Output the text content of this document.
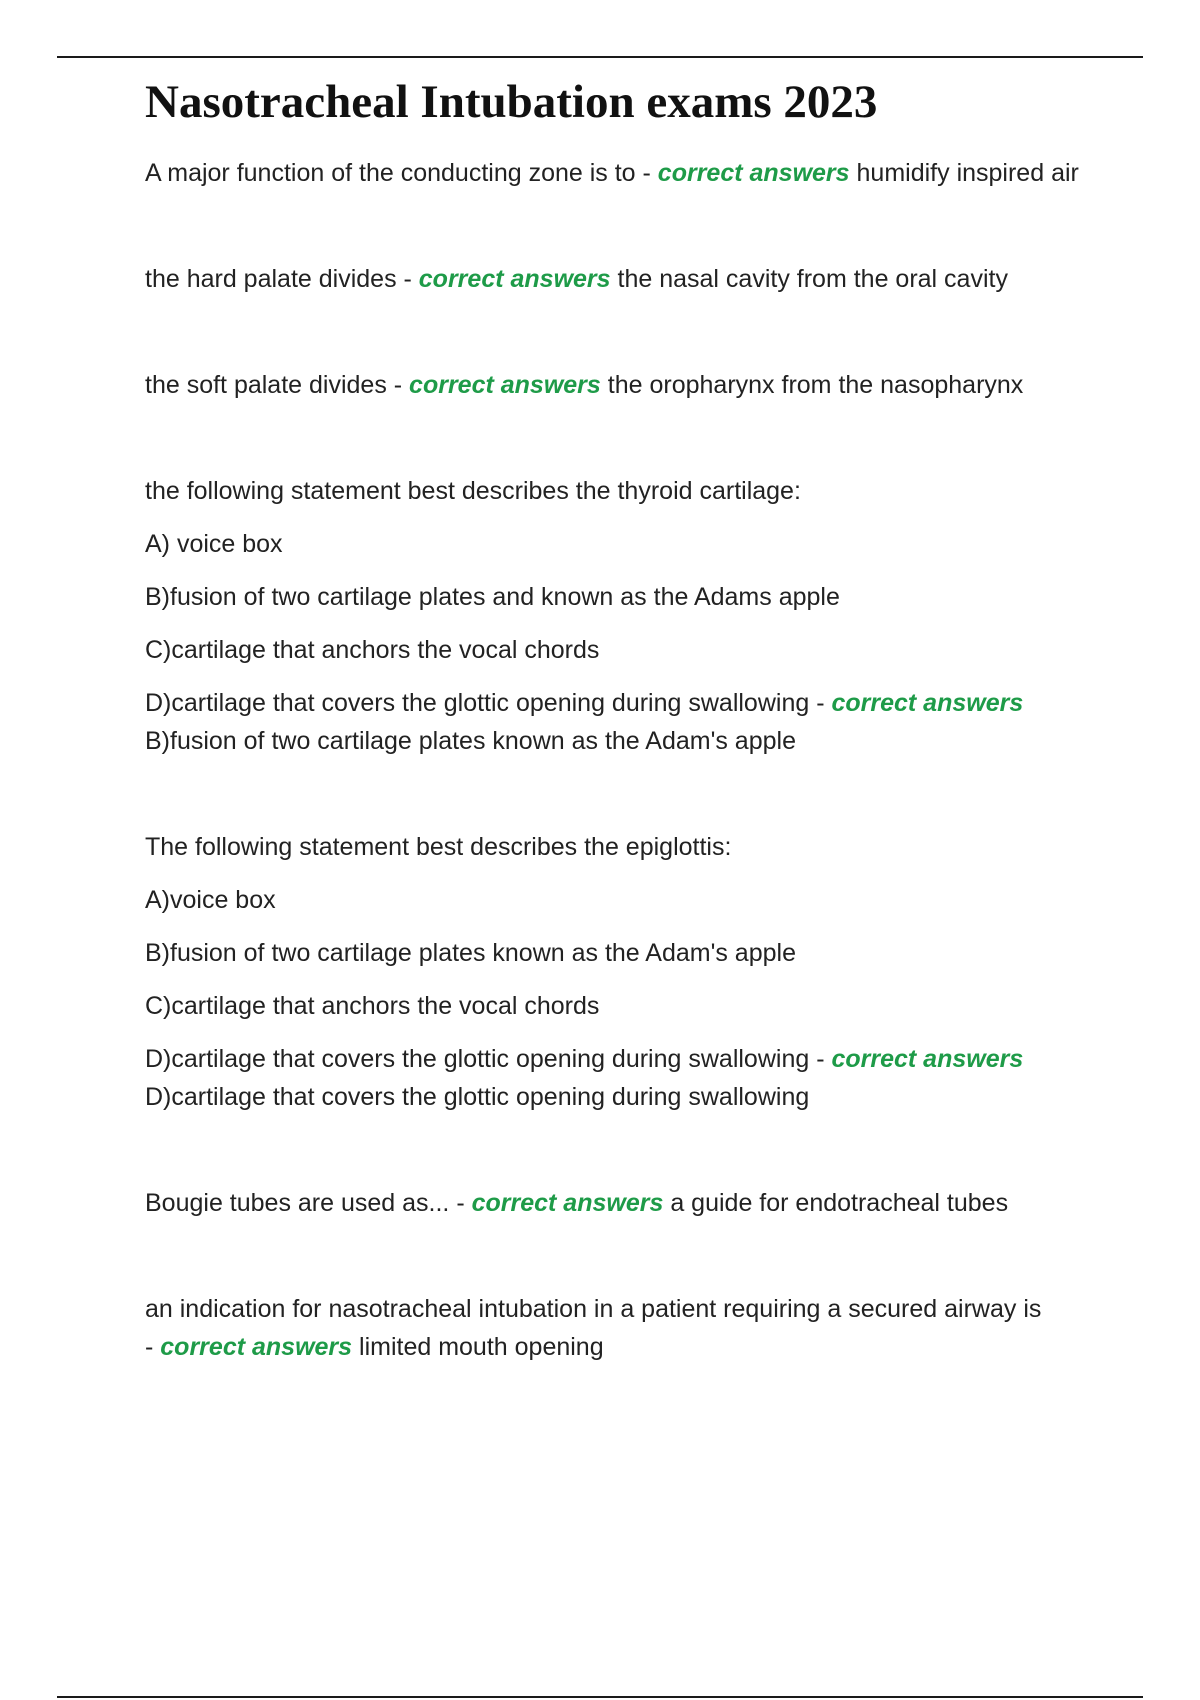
Nasotracheal Intubation exams 2023
A major function of the conducting zone is to - correct answers humidify inspired air
the hard palate divides - correct answers the nasal cavity from the oral cavity
the soft palate divides - correct answers the oropharynx from the nasopharynx
the following statement best describes the thyroid cartilage:
A) voice box
B)fusion of two cartilage plates and known as the Adams apple
C)cartilage that anchors the vocal chords
D)cartilage that covers the glottic opening during swallowing - correct answers
B)fusion of two cartilage plates known as the Adam's apple
The following statement best describes the epiglottis:
A)voice box
B)fusion of two cartilage plates known as the Adam's apple
C)cartilage that anchors the vocal chords
D)cartilage that covers the glottic opening during swallowing - correct answers
D)cartilage that covers the glottic opening during swallowing
Bougie tubes are used as... - correct answers a guide for endotracheal tubes
an indication for nasotracheal intubation in a patient requiring a secured airway is
- correct answers limited mouth opening
